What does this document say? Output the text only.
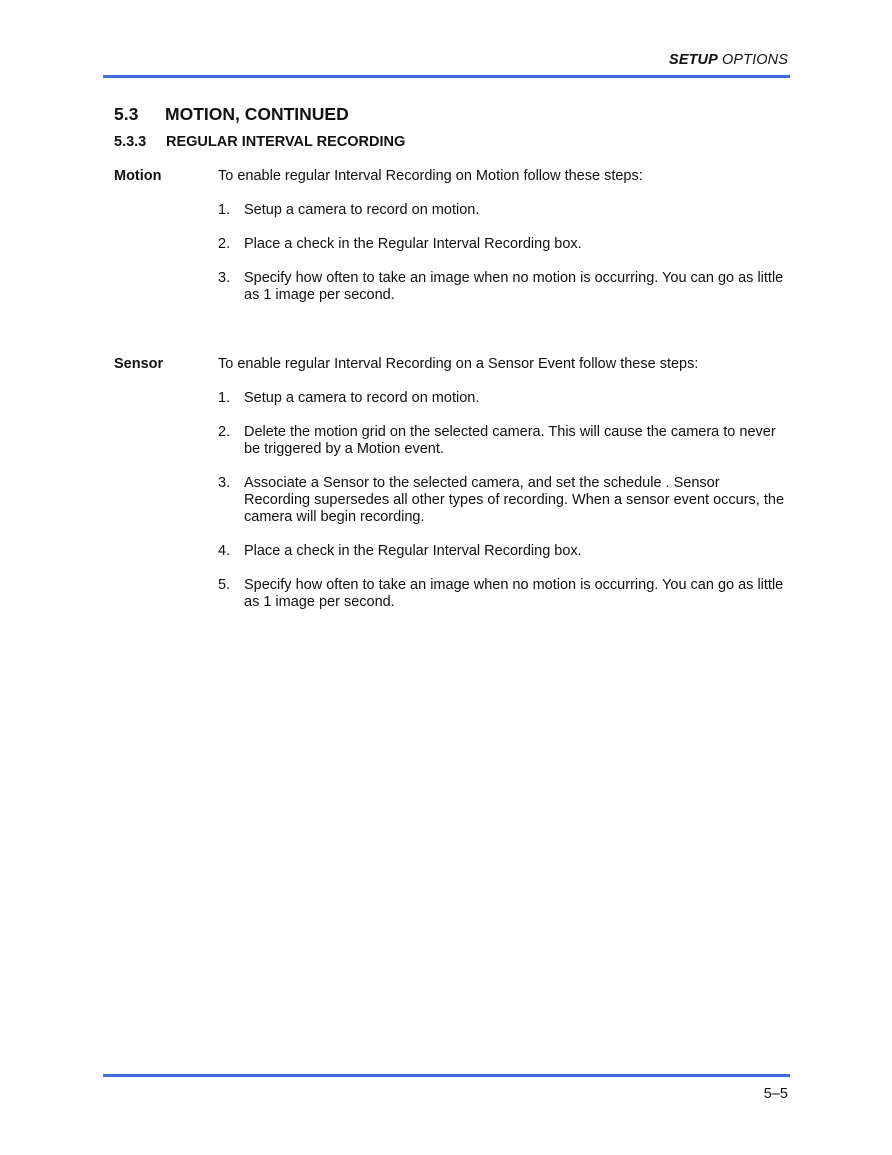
SETUP OPTIONS
5.3 MOTION, CONTINUED
5.3.3 REGULAR INTERVAL RECORDING
Motion	To enable regular Interval Recording on Motion follow these steps:

1. Setup a camera to record on motion.
2. Place a check in the Regular Interval Recording box.
3. Specify how often to take an image when no motion is occurring. You can go as little as 1 image per second.
Sensor	To enable regular Interval Recording on a Sensor Event follow these steps:

1. Setup a camera to record on motion.
2. Delete the motion grid on the selected camera. This will cause the camera to never be triggered by a Motion event.
3. Associate a Sensor to the selected camera, and set the schedule . Sensor Recording supersedes all other types of recording. When a sensor event occurs, the camera will begin recording.
4. Place a check in the Regular Interval Recording box.
5. Specify how often to take an image when no motion is occurring. You can go as little as 1 image per second.
5–5
